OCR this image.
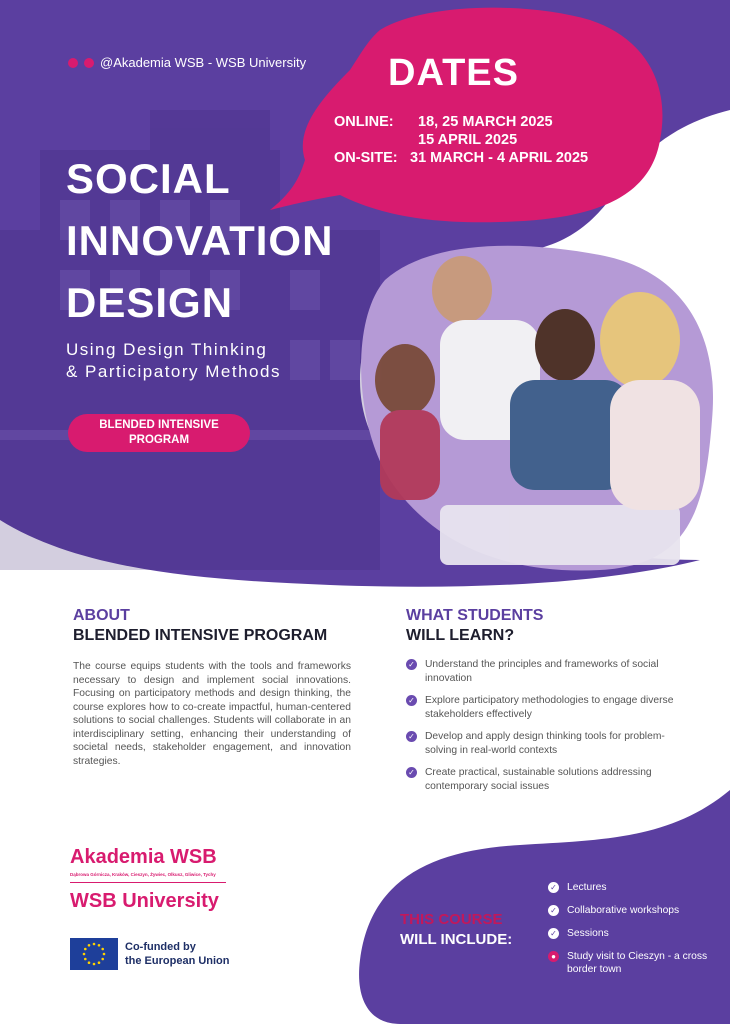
@Akademia WSB - WSB University DATES
ONLINE: 18, 25 MARCH 2025
15 APRIL 2025
ON-SITE: 31 MARCH - 4 APRIL 2025
SOCIAL
INNOVATION
DESIGN
Using Design Thinking
& Participatory Methods
BLENDED INTENSIVE
PROGRAM
ABOUT
BLENDED INTENSIVE PROGRAM
The course equips students with the tools and frameworks necessary to design and implement social innovations. Focusing on participatory methods and design thinking, the course explores how to co-create impactful, human-centered solutions to social challenges. Students will collaborate in an interdisciplinary setting, enhancing their understanding of societal needs, stakeholder engagement, and innovation strategies.
WHAT STUDENTS
WILL LEARN?
✓ Understand the principles and frameworks of social innovation
✓ Explore participatory methodologies to engage diverse stakeholders effectively
✓ Develop and apply design thinking tools for problem-solving in real-world contexts
✓ Create practical, sustainable solutions addressing contemporary social issues
Akademia WSB
Dąbrowa Górnicza, Kraków, Cieszyn, Żywiec, Olkusz, Gliwice, Tychy
WSB University
Co-funded by
the European Union
THIS COURSE
WILL INCLUDE:
✓ Lectures
✓ Collaborative workshops
✓ Sessions
● Study visit to Cieszyn - a cross border town
